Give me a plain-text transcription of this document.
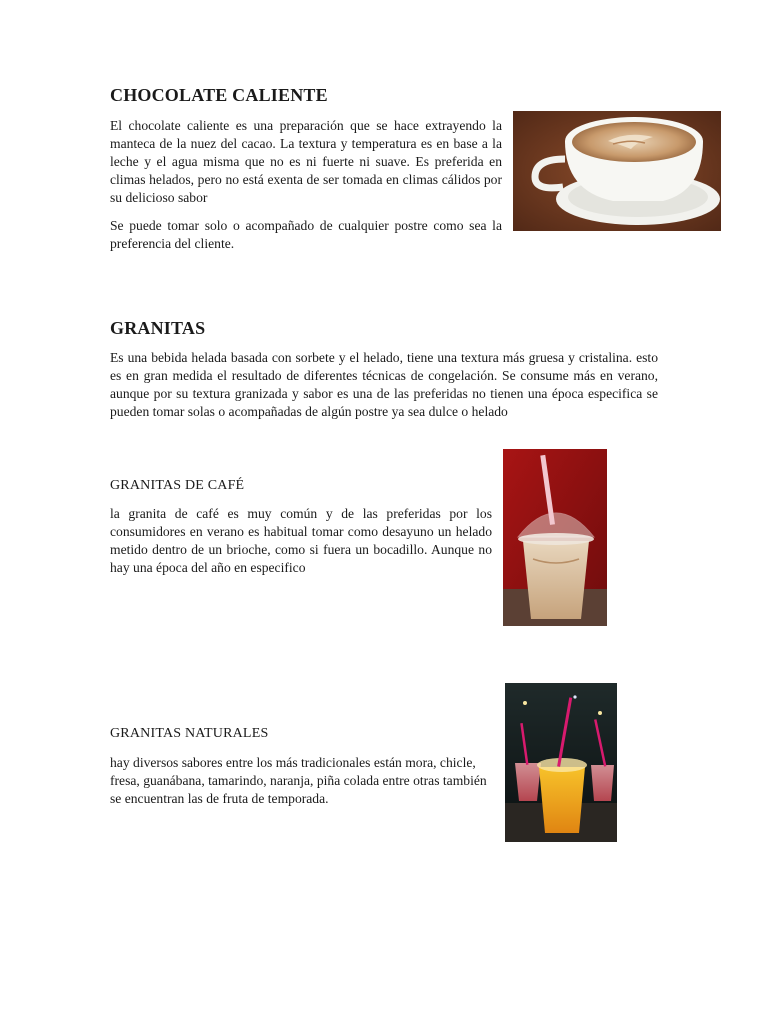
CHOCOLATE CALIENTE

El chocolate caliente es una preparación que se hace extrayendo la manteca de la nuez del cacao. La textura y temperatura es en base a la leche y el agua misma que no es ni fuerte ni suave. Es preferida en climas helados, pero no está exenta de ser tomada en climas cálidos por su delicioso sabor

Se puede tomar solo o acompañado de cualquier postre como sea la preferencia del cliente.

GRANITAS

Es una bebida helada basada con sorbete y el helado, tiene una textura más gruesa y cristalina. esto es en gran medida el resultado de diferentes técnicas de congelación. Se consume más en verano, aunque por su textura granizada y sabor es una de las preferidas no tienen una época especifica se pueden tomar solas o acompañadas de algún postre ya sea dulce o helado

GRANITAS DE CAFÉ

la granita de café es muy común y de las preferidas por los consumidores en verano es habitual tomar como desayuno un helado metido dentro de un brioche, como si fuera un bocadillo. Aunque no hay una época del año en especifico

GRANITAS NATURALES

hay diversos sabores entre los más tradicionales están mora, chicle, fresa, guanábana, tamarindo, naranja, piña colada entre otras también se encuentran las de fruta de temporada.
